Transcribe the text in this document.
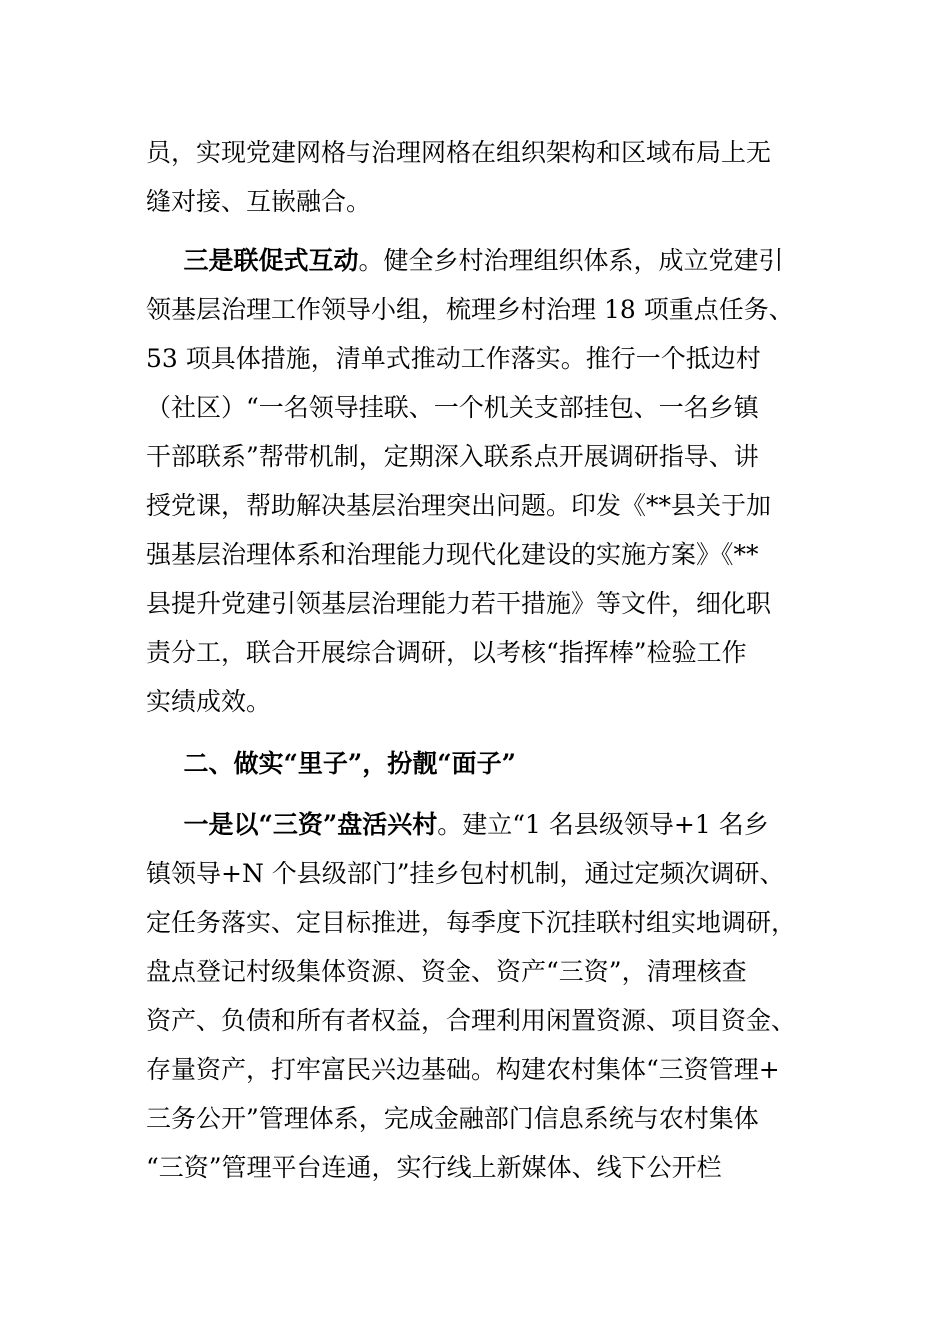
员，实现党建网格与治理网格在组织架构和区域布局上无
缝对接、互嵌融合。
  三是联促式互动。健全乡村治理组织体系，成立党建引
领基层治理工作领导小组，梳理乡村治理 18 项重点任务、
53 项具体措施，清单式推动工作落实。推行一个抵边村
（社区）“一名领导挂联、一个机关支部挂包、一名乡镇
干部联系”帮带机制，定期深入联系点开展调研指导、讲
授党课，帮助解决基层治理突出问题。印发《**县关于加
强基层治理体系和治理能力现代化建设的实施方案》《**
县提升党建引领基层治理能力若干措施》等文件，细化职
责分工，联合开展综合调研，以考核“指挥棒”检验工作
实绩成效。
  二、做实“里子”，扮靓“面子”
  一是以“三资”盘活兴村。建立“1 名县级领导+1 名乡
镇领导+N 个县级部门”挂乡包村机制，通过定频次调研、
定任务落实、定目标推进，每季度下沉挂联村组实地调研，
盘点登记村级集体资源、资金、资产“三资”，清理核查
资产、负债和所有者权益，合理利用闲置资源、项目资金、
存量资产，打牢富民兴边基础。构建农村集体“三资管理+
三务公开”管理体系，完成金融部门信息系统与农村集体
“三资”管理平台连通，实行线上新媒体、线下公开栏
